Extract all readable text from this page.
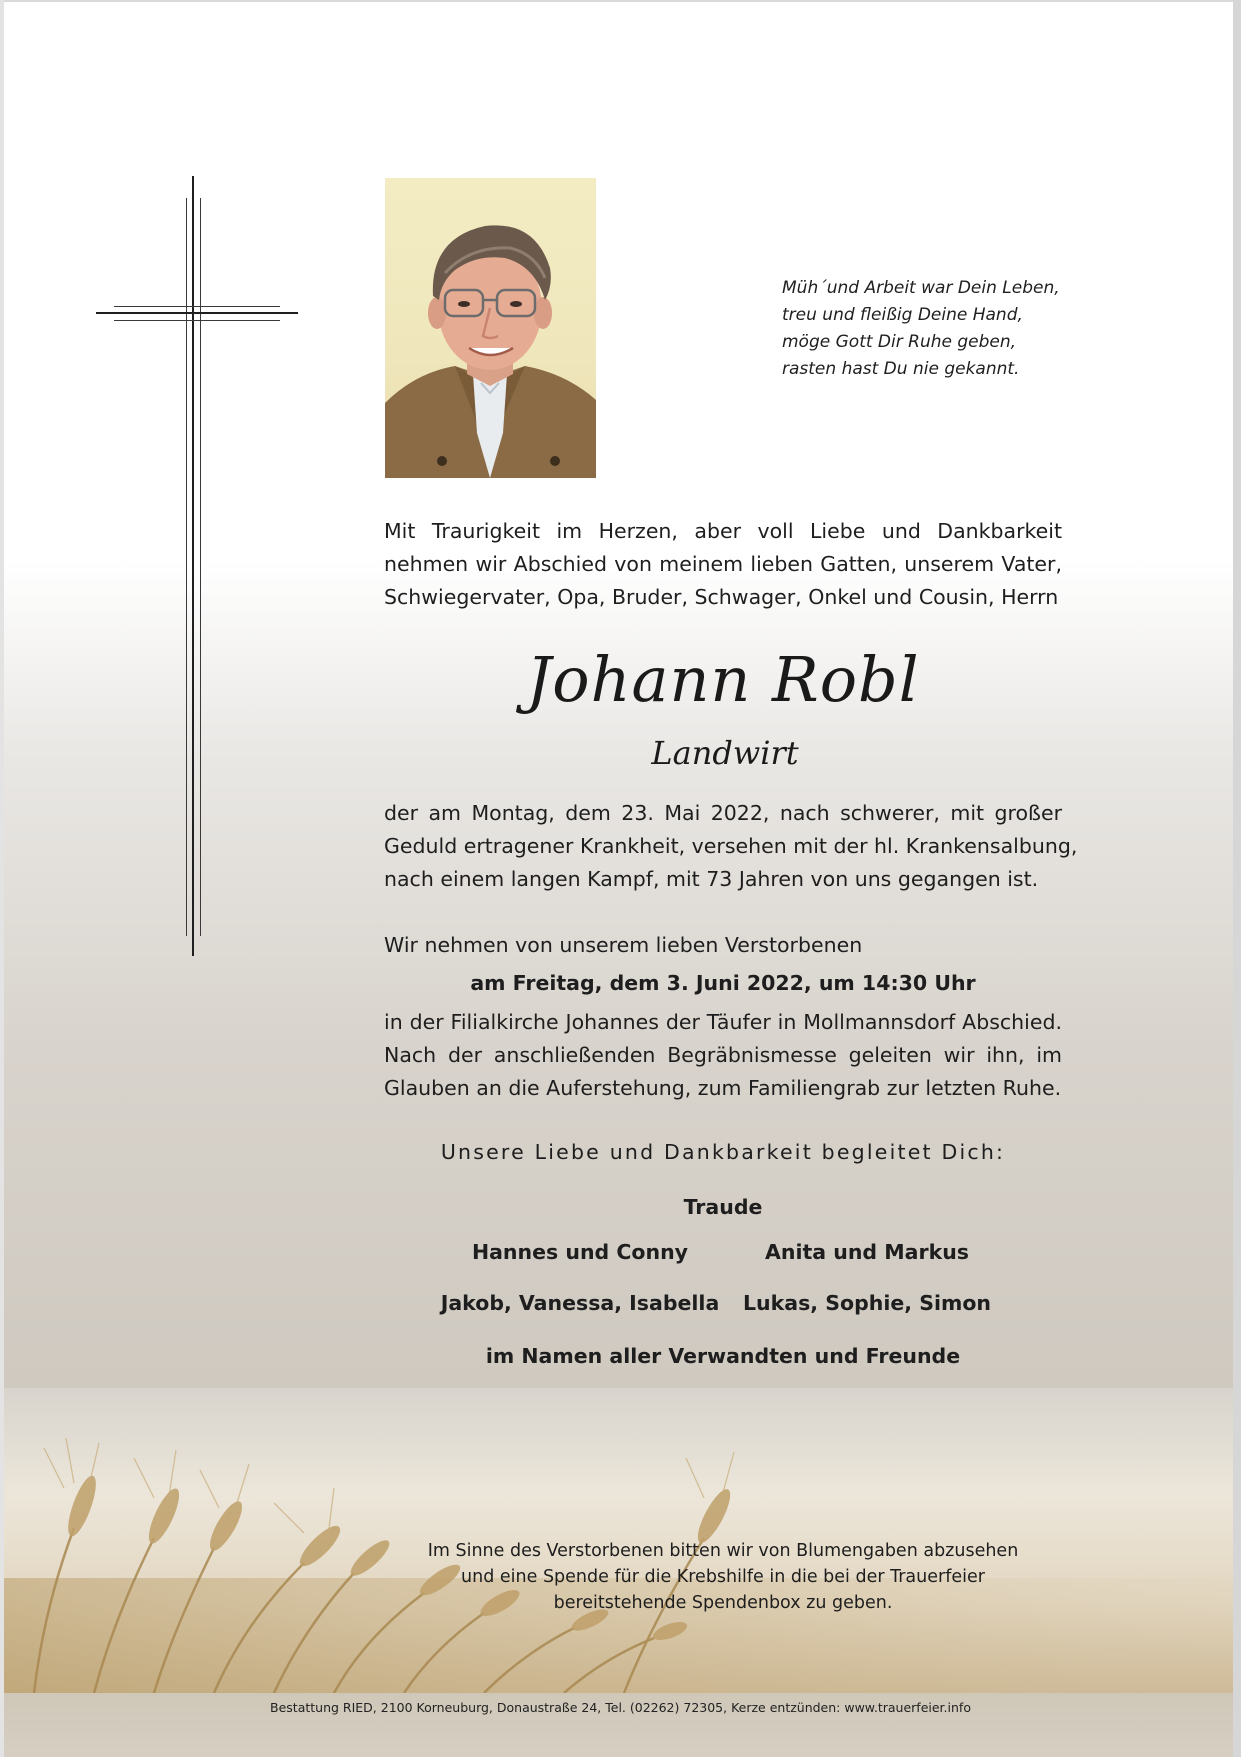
Müh´und Arbeit war Dein Leben,
treu und fleißig Deine Hand,
möge Gott Dir Ruhe geben,
rasten hast Du nie gekannt.
Mit Traurigkeit im Herzen, aber voll Liebe und Dankbarkeit
nehmen wir Abschied von meinem lieben Gatten, unserem Vater,
Schwiegervater, Opa, Bruder, Schwager, Onkel und Cousin, Herrn
Johann Robl
Landwirt
der am Montag, dem 23. Mai 2022, nach schwerer, mit großer
Geduld ertragener Krankheit, versehen mit der hl. Krankensalbung,
nach einem langen Kampf, mit 73 Jahren von uns gegangen ist.
Wir nehmen von unserem lieben Verstorbenen
am Freitag, dem 3. Juni 2022, um 14:30 Uhr
in der Filialkirche Johannes der Täufer in Mollmannsdorf Abschied.
Nach der anschließenden Begräbnismesse geleiten wir ihn, im
Glauben an die Auferstehung, zum Familiengrab zur letzten Ruhe.
Unsere Liebe und Dankbarkeit begleitet Dich:
Traude
Hannes und Conny	Anita und Markus
Jakob, Vanessa, Isabella	Lukas, Sophie, Simon
im Namen aller Verwandten und Freunde
Im Sinne des Verstorbenen bitten wir von Blumengaben abzusehen
und eine Spende für die Krebshilfe in die bei der Trauerfeier
bereitstehende Spendenbox zu geben.
Bestattung RIED, 2100 Korneuburg, Donaustraße 24, Tel. (02262) 72305, Kerze entzünden: www.trauerfeier.info
